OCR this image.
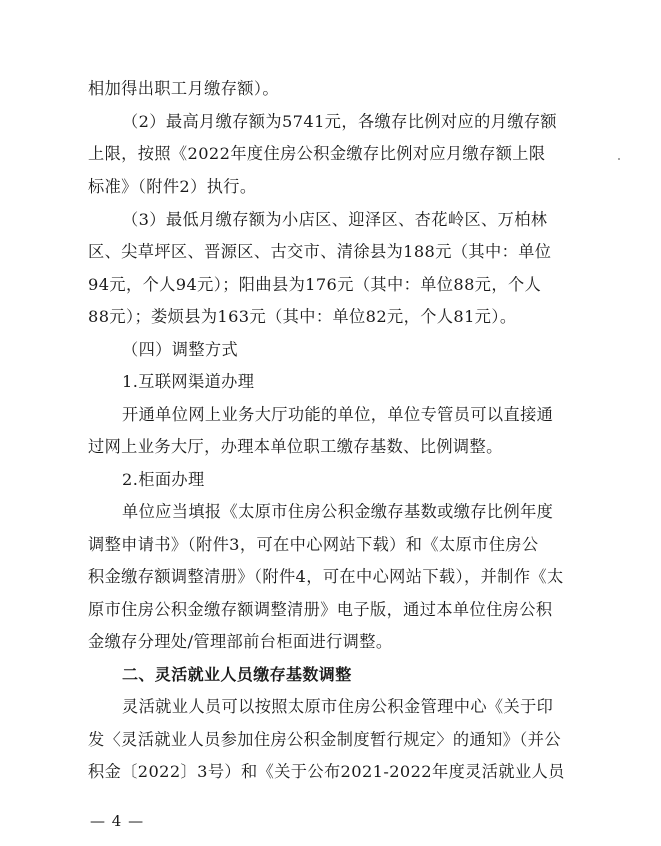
相加得出职工月缴存额）。
（2）最高月缴存额为5741元，各缴存比例对应的月缴存额
上限，按照《2022年度住房公积金缴存比例对应月缴存额上限
标准》（附件2）执行。
（3）最低月缴存额为小店区、迎泽区、杏花岭区、万柏林
区、尖草坪区、晋源区、古交市、清徐县为188元（其中：单位
94元，个人94元）；阳曲县为176元（其中：单位88元，个人
88元）；娄烦县为163元（其中：单位82元，个人81元）。
（四）调整方式
1.互联网渠道办理
开通单位网上业务大厅功能的单位，单位专管员可以直接通
过网上业务大厅，办理本单位职工缴存基数、比例调整。
2.柜面办理
单位应当填报《太原市住房公积金缴存基数或缴存比例年度
调整申请书》（附件3，可在中心网站下载）和《太原市住房公
积金缴存额调整清册》（附件4，可在中心网站下载），并制作《太
原市住房公积金缴存额调整清册》电子版，通过本单位住房公积
金缴存分理处/管理部前台柜面进行调整。
二、灵活就业人员缴存基数调整
灵活就业人员可以按照太原市住房公积金管理中心《关于印
发〈灵活就业人员参加住房公积金制度暂行规定〉的通知》（并公
积金〔2022〕3号）和《关于公布2021-2022年度灵活就业人员
— 4 —
